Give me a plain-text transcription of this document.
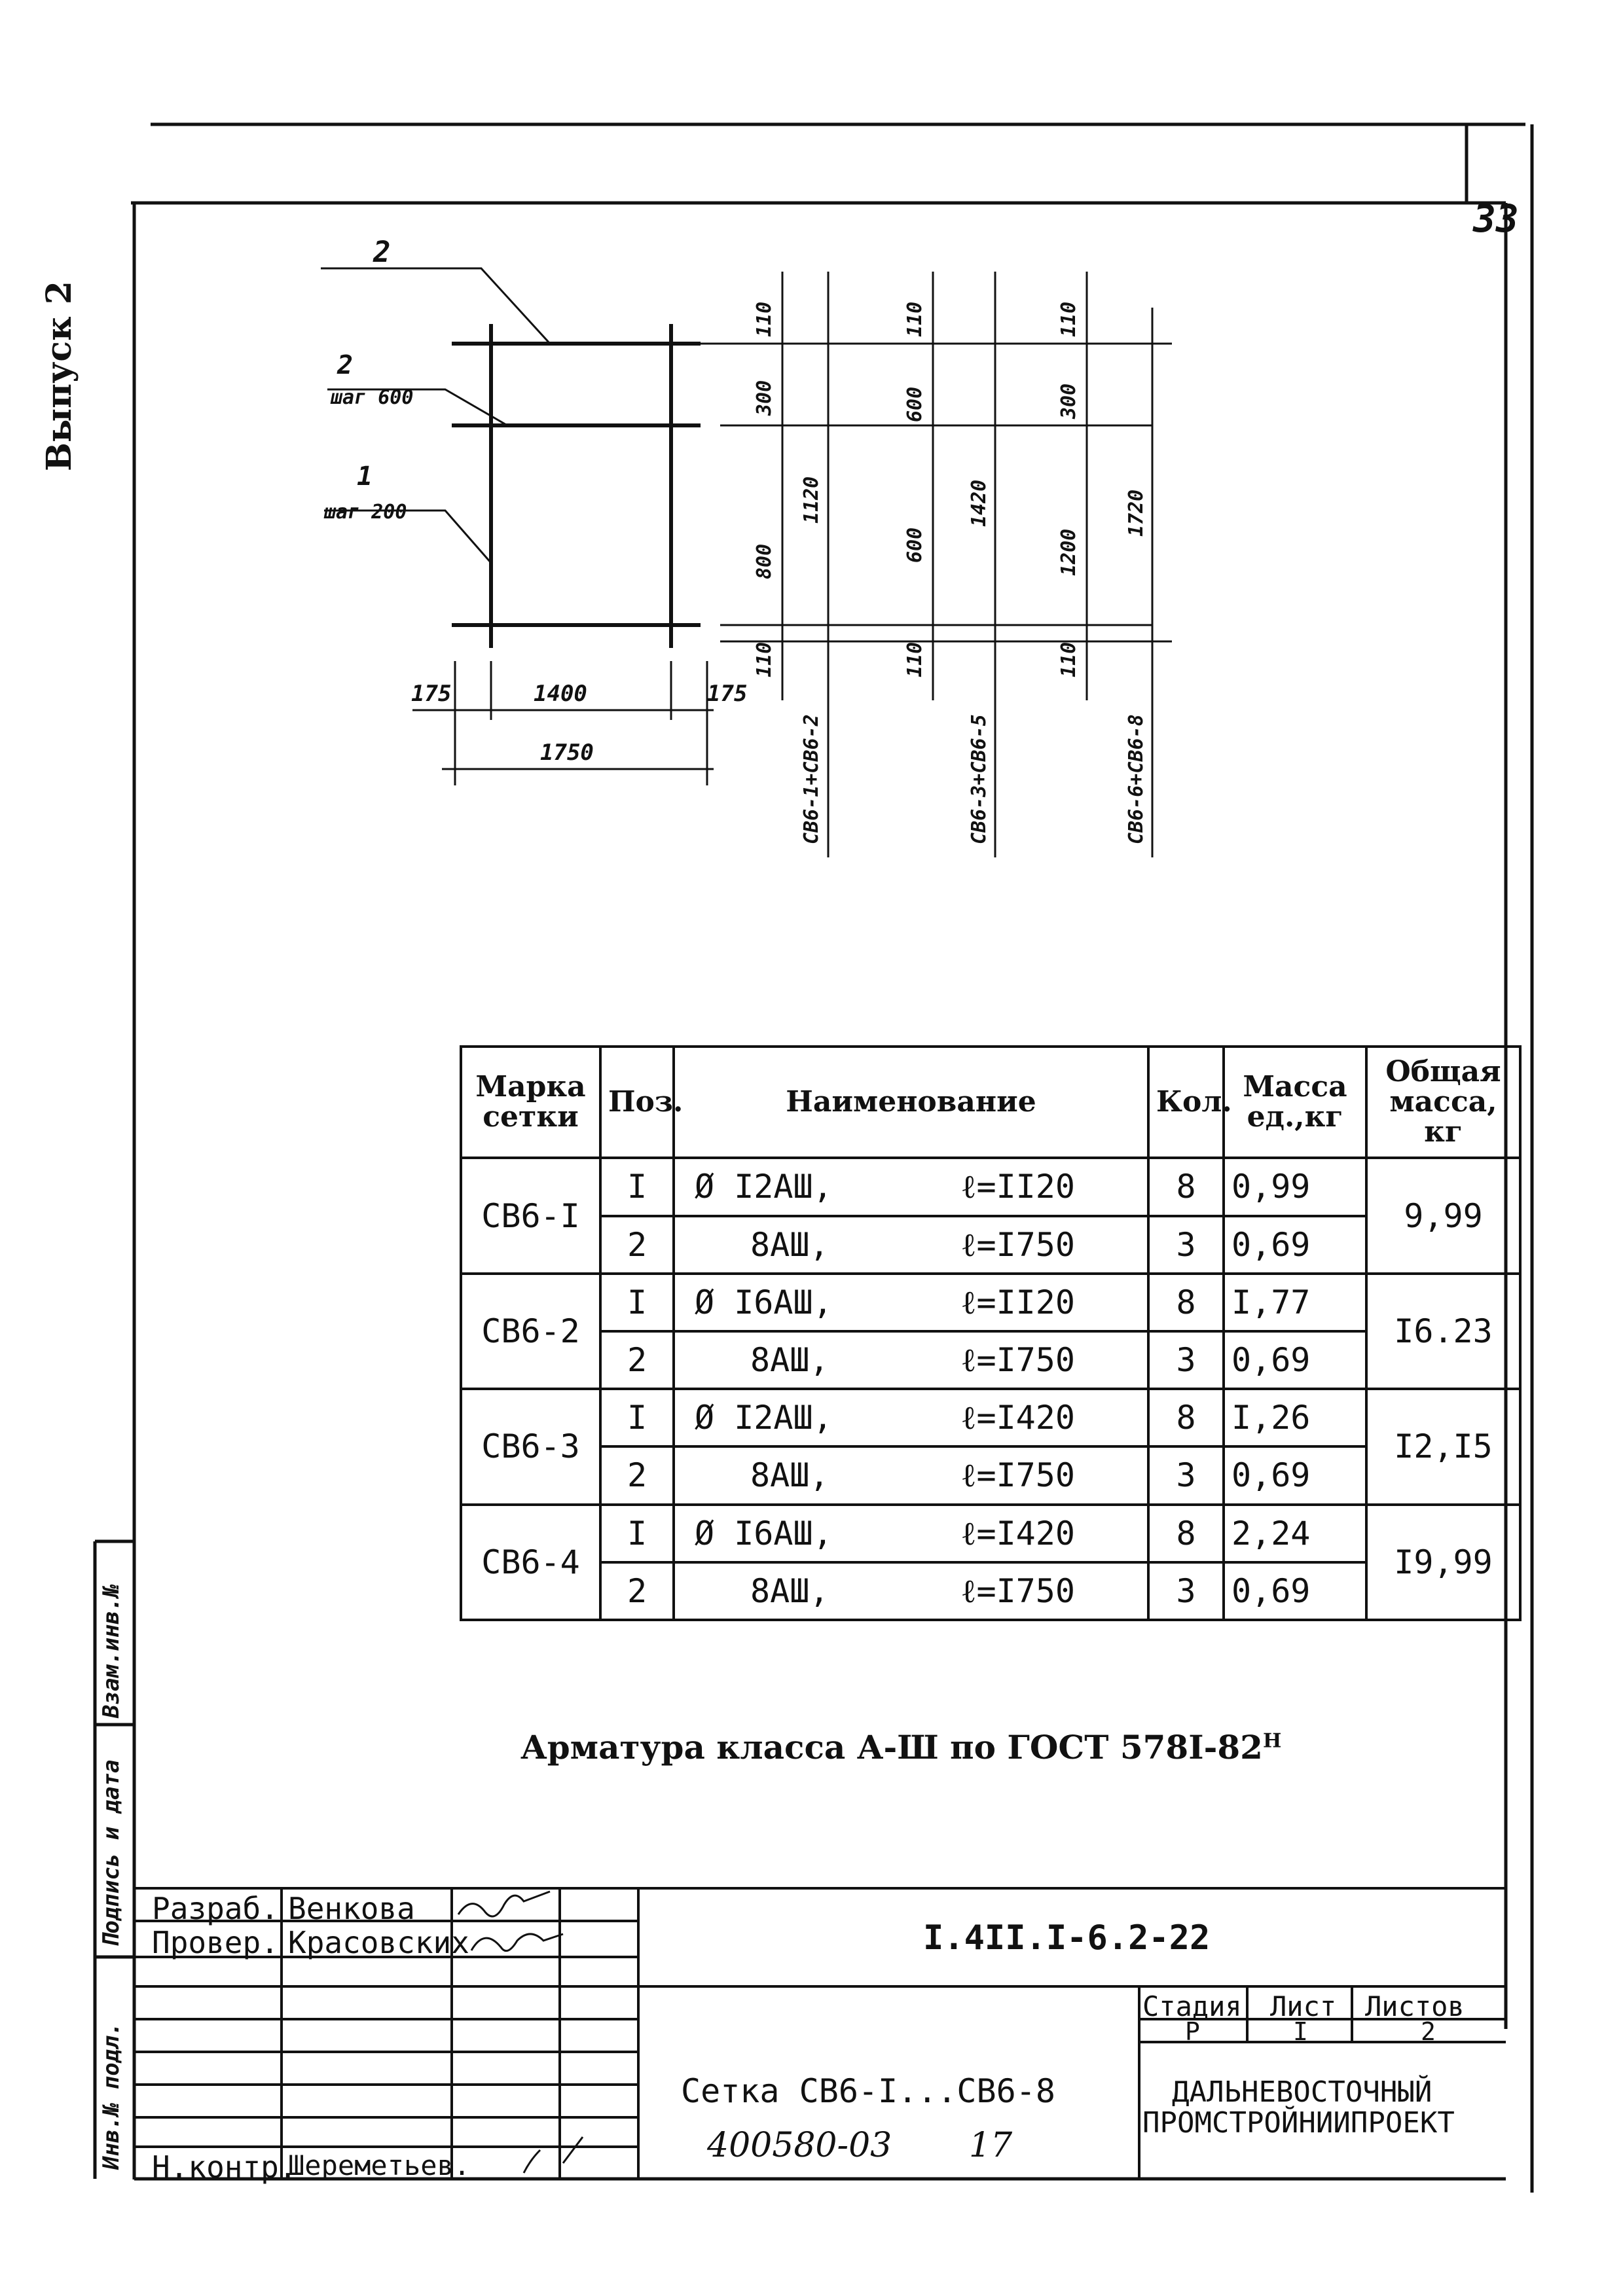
33
Выпуск 2
Взам.инв.№
Подпись и дата
Инв.№ подл.
2
2
шаг 600
1
шаг 200
175	1400	175
1750
110
300
800
110
1120
СВ6-1+СВ6-2
110
600
600
110
1420
СВ6-3+СВ6-5
110
300
1200
110
1720
СВ6-6+СВ6-8
Марка сетки	Поз.	Наименование	Кол.	Масса ед.,кг	Общая масса, кг
СВ6-I	I	Ø I2АШ, ℓ=II20	8	0,99	9,99
	2	8АШ, ℓ=I750	3	0,69	
СВ6-2	I	Ø I6АШ, ℓ=II20	8	I,77	I6.23
	2	8АШ, ℓ=I750	3	0,69	
СВ6-3	I	Ø I2АШ, ℓ=I420	8	I,26	I2,I5
	2	8АШ, ℓ=I750	3	0,69	
СВ6-4	I	Ø I6АШ, ℓ=I420	8	2,24	I9,99
	2	8АШ, ℓ=I750	3	0,69	
Арматура класса А-Ш по ГОСТ $578I-82^Н$
Разраб. Венкова
Провер. Красовских
Н.контр.
Шереметьев.
I.4II.I-6.2-22
Сетка СВ6-I...СВ6-8
Стадия Лист Листов
Р	I	2
ДАЛЬНЕВОСТОЧНЫЙ
ПРОМСТРОЙНИИПРОЕКТ
400580-03 17
